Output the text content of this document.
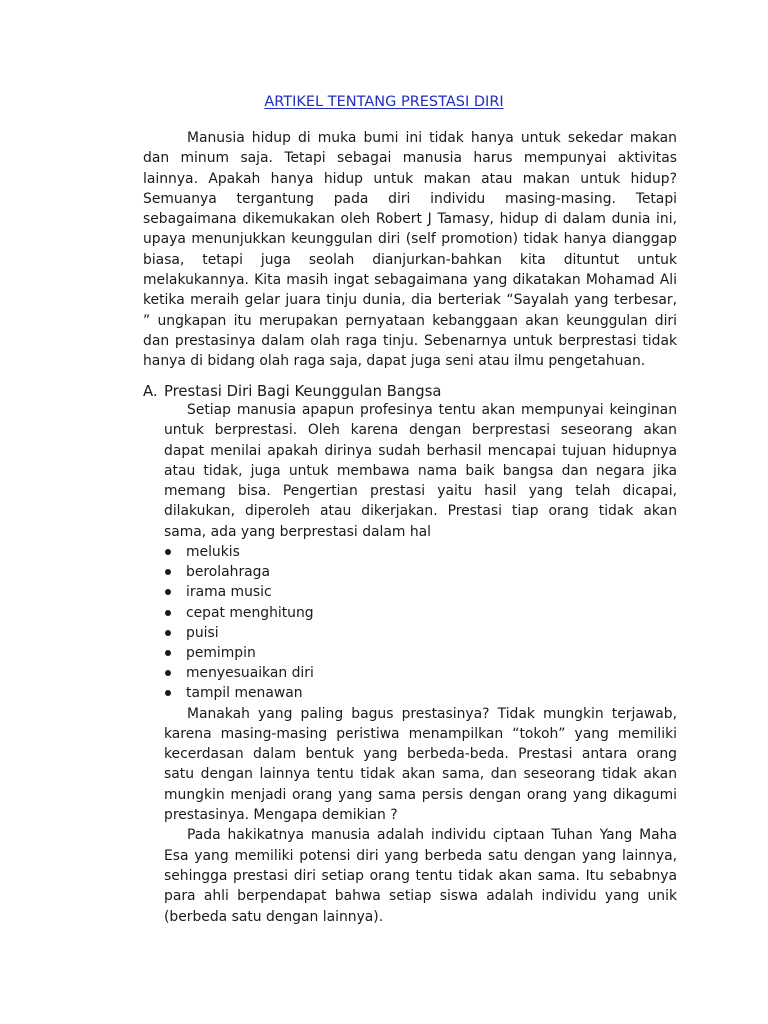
ARTIKEL TENTANG PRESTASI DIRI

Manusia hidup di muka bumi ini tidak hanya untuk sekedar makan dan minum saja. Tetapi sebagai manusia harus mempunyai aktivitas lainnya. Apakah hanya hidup untuk makan atau makan untuk hidup? Semuanya tergantung pada diri individu masing-masing. Tetapi sebagaimana dikemukakan oleh Robert J Tamasy, hidup di dalam dunia ini, upaya menunjukkan keunggulan diri (self promotion) tidak hanya dianggap biasa, tetapi juga seolah dianjurkan-bahkan kita dituntut untuk melakukannya. Kita masih ingat sebagaimana yang dikatakan Mohamad Ali ketika meraih gelar juara tinju dunia, dia berteriak “Sayalah yang terbesar, ” ungkapan itu merupakan pernyataan kebanggaan akan keunggulan diri dan prestasinya dalam olah raga tinju. Sebenarnya untuk berprestasi tidak hanya di bidang olah raga saja, dapat juga seni atau ilmu pengetahuan.

A. Prestasi Diri Bagi Keunggulan Bangsa

Setiap manusia apapun profesinya tentu akan mempunyai keinginan untuk berprestasi. Oleh karena dengan berprestasi seseorang akan dapat menilai apakah dirinya sudah berhasil mencapai tujuan hidupnya atau tidak, juga untuk membawa nama baik bangsa dan negara jika memang bisa. Pengertian prestasi yaitu hasil yang telah dicapai, dilakukan, diperoleh atau dikerjakan. Prestasi tiap orang tidak akan sama, ada yang berprestasi dalam hal

melukis
berolahraga
irama music
cepat menghitung
puisi
pemimpin
menyesuaikan diri
tampil menawan

Manakah yang paling bagus prestasinya? Tidak mungkin terjawab, karena masing-masing peristiwa menampilkan “tokoh” yang memiliki kecerdasan dalam bentuk yang berbeda-beda. Prestasi antara orang satu dengan lainnya tentu tidak akan sama, dan seseorang tidak akan mungkin menjadi orang yang sama persis dengan orang yang dikagumi prestasinya. Mengapa demikian ?

Pada hakikatnya manusia adalah individu ciptaan Tuhan Yang Maha Esa yang memiliki potensi diri yang berbeda satu dengan yang lainnya, sehingga prestasi diri setiap orang tentu tidak akan sama. Itu sebabnya para ahli berpendapat bahwa setiap siswa adalah individu yang unik (berbeda satu dengan lainnya).
